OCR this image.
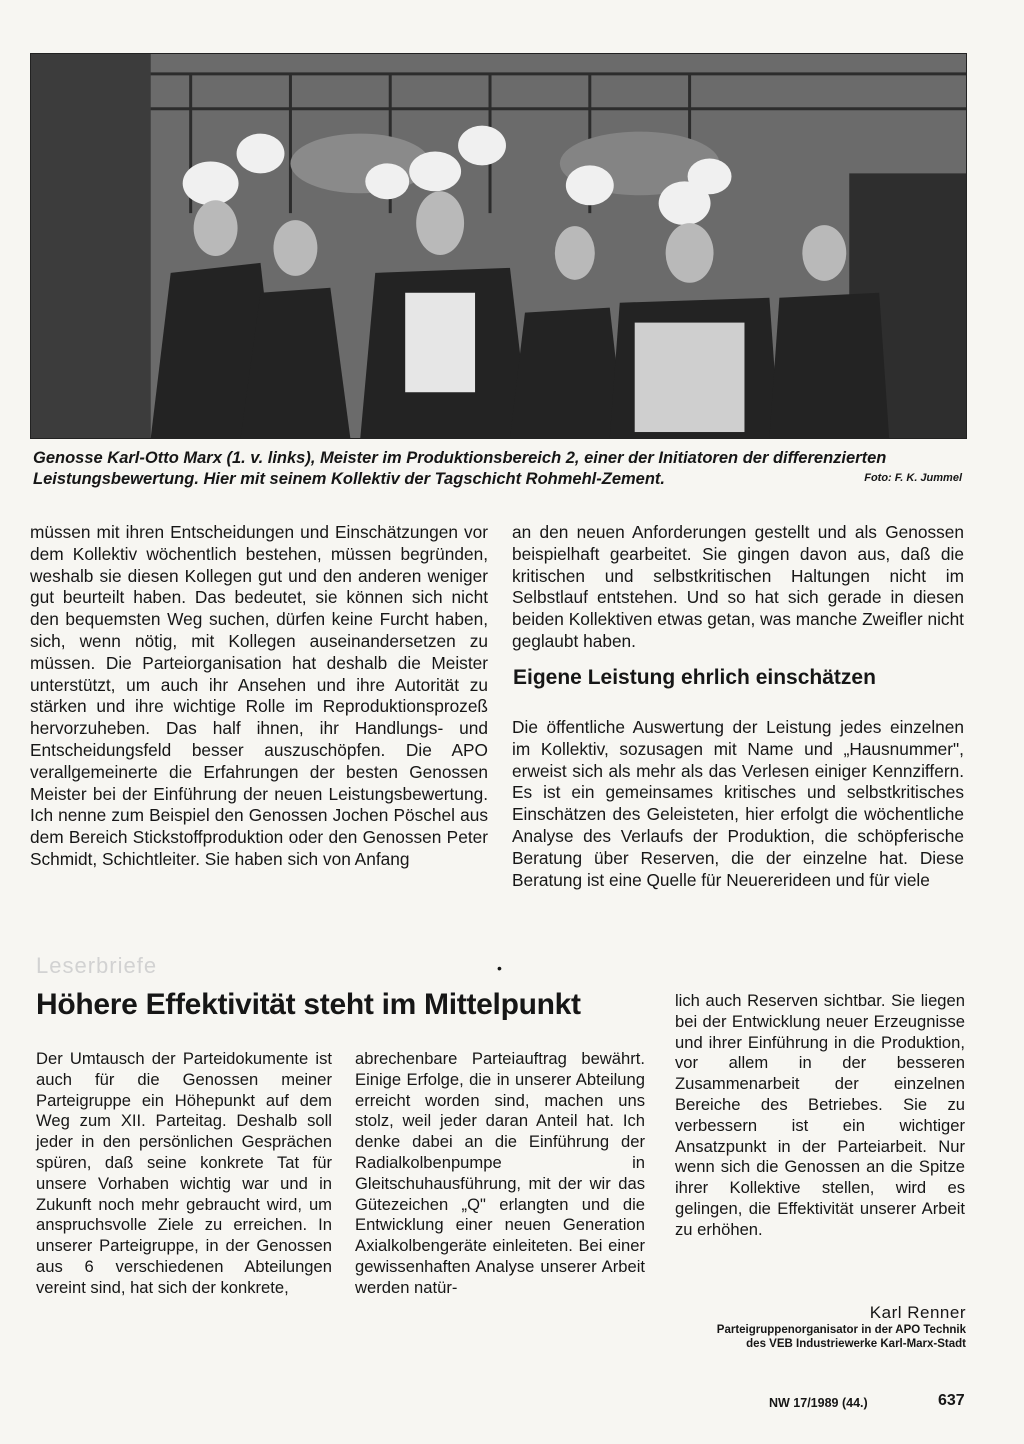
Genosse Karl-Otto Marx (1. v. links), Meister im Produktionsbereich 2, einer der Initiatoren der differenzierten Leistungsbewertung. Hier mit seinem Kollektiv der Tagschicht Rohmehl-Zement.	Foto: F. K. Jummel

müssen mit ihren Entscheidungen und Einschätzungen vor dem Kollektiv wöchentlich bestehen, müssen begründen, weshalb sie diesen Kollegen gut und den anderen weniger gut beurteilt haben. Das bedeutet, sie können sich nicht den bequemsten Weg suchen, dürfen keine Furcht haben, sich, wenn nötig, mit Kollegen auseinandersetzen zu müssen. Die Parteiorganisation hat deshalb die Meister unterstützt, um auch ihr Ansehen und ihre Autorität zu stärken und ihre wichtige Rolle im Reproduktionsprozeß hervorzuheben. Das half ihnen, ihr Handlungs- und Entscheidungsfeld besser auszuschöpfen. Die APO verallgemeinerte die Erfahrungen der besten Genossen Meister bei der Einführung der neuen Leistungsbewertung. Ich nenne zum Beispiel den Genossen Jochen Pöschel aus dem Bereich Stickstoffproduktion oder den Genossen Peter Schmidt, Schichtleiter. Sie haben sich von Anfang

an den neuen Anforderungen gestellt und als Genossen beispielhaft gearbeitet. Sie gingen davon aus, daß die kritischen und selbstkritischen Haltungen nicht im Selbstlauf entstehen. Und so hat sich gerade in diesen beiden Kollektiven etwas getan, was manche Zweifler nicht geglaubt haben.

Eigene Leistung ehrlich einschätzen

Die öffentliche Auswertung der Leistung jedes einzelnen im Kollektiv, sozusagen mit Name und „Hausnummer", erweist sich als mehr als das Verlesen einiger Kennziffern. Es ist ein gemeinsames kritisches und selbstkritisches Einschätzen des Geleisteten, hier erfolgt die wöchentliche Analyse des Verlaufs der Produktion, die schöpferische Beratung über Reserven, die der einzelne hat. Diese Beratung ist eine Quelle für Neuererideen und für viele

Leserbriefe	•
Höhere Effektivität steht im Mittelpunkt

Der Umtausch der Parteidokumente ist auch für die Genossen meiner Parteigruppe ein Höhepunkt auf dem Weg zum XII. Parteitag. Deshalb soll jeder in den persönlichen Gesprächen spüren, daß seine konkrete Tat für unsere Vorhaben wichtig war und in Zukunft noch mehr gebraucht wird, um anspruchsvolle Ziele zu erreichen. In unserer Parteigruppe, in der Genossen aus 6 verschiedenen Abteilungen vereint sind, hat sich der konkrete,

abrechenbare Parteiauftrag bewährt. Einige Erfolge, die in unserer Abteilung erreicht worden sind, machen uns stolz, weil jeder daran Anteil hat. Ich denke dabei an die Einführung der Radialkolbenpumpe in Gleitschuhausführung, mit der wir das Gütezeichen „Q" erlangten und die Entwicklung einer neuen Generation Axialkolbengeräte einleiteten. Bei einer gewissenhaften Analyse unserer Arbeit werden natür-

lich auch Reserven sichtbar. Sie liegen bei der Entwicklung neuer Erzeugnisse und ihrer Einführung in die Produktion, vor allem in der besseren Zusammenarbeit der einzelnen Bereiche des Betriebes. Sie zu verbessern ist ein wichtiger Ansatzpunkt in der Parteiarbeit. Nur wenn sich die Genossen an die Spitze ihrer Kollektive stellen, wird es gelingen, die Effektivität unserer Arbeit zu erhöhen.

Karl Renner
Parteigruppenorganisator in der APO Technik des VEB Industriewerke Karl-Marx-Stadt
NW 17/1989 (44.)	637
